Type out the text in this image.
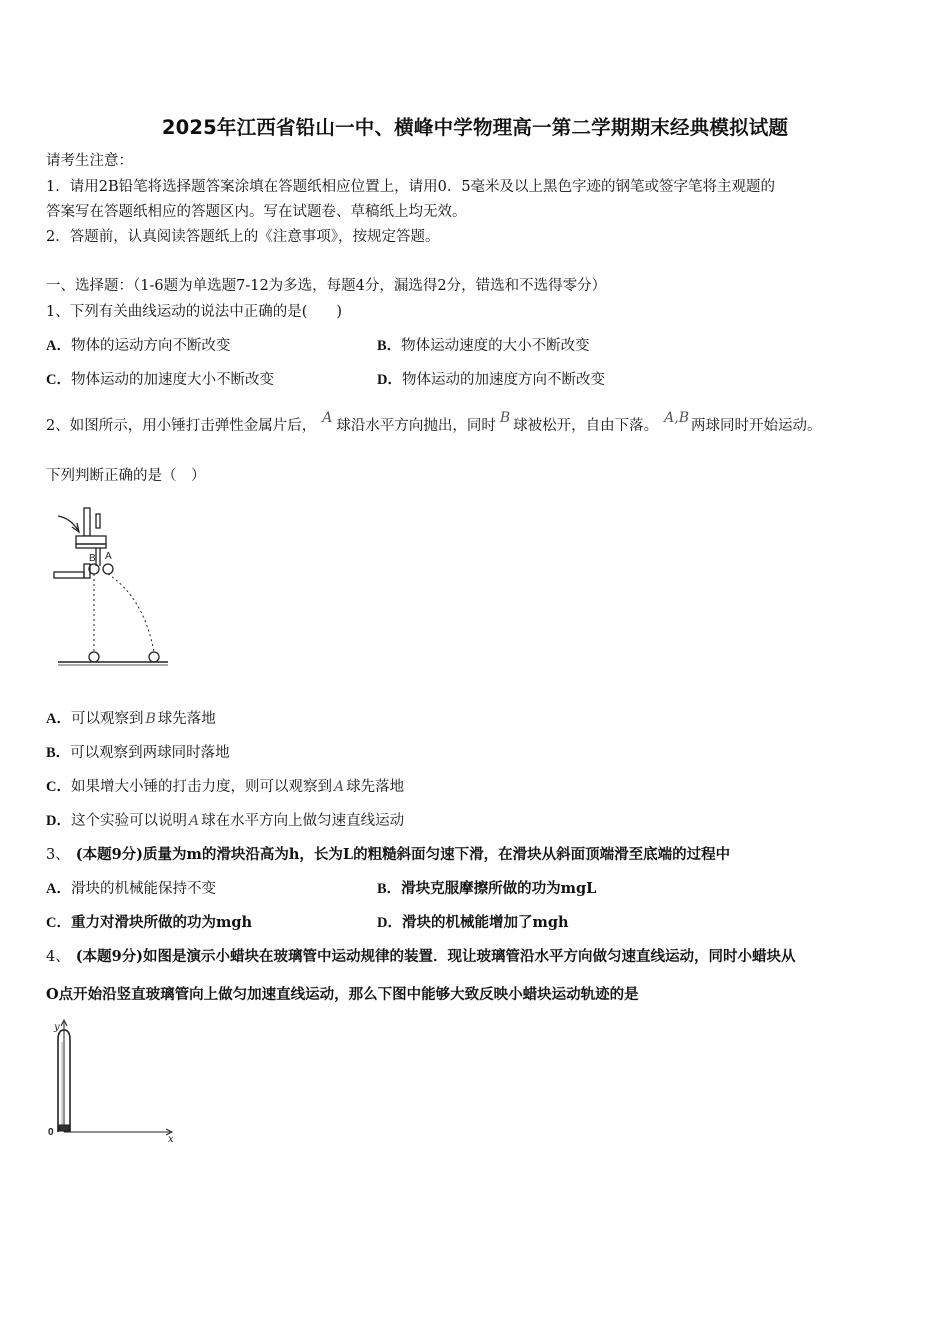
2025年江西省铅山一中、横峰中学物理高一第二学期期末经典模拟试题
请考生注意：
1．请用2B铅笔将选择题答案涂填在答题纸相应位置上，请用0．5毫米及以上黑色字迹的钢笔或签字笔将主观题的
答案写在答题纸相应的答题区内。写在试题卷、草稿纸上均无效。
2．答题前，认真阅读答题纸上的《注意事项》，按规定答题。
一、选择题：（1-6题为单选题7-12为多选，每题4分，漏选得2分，错选和不选得零分）
1、下列有关曲线运动的说法中正确的是(　　)
A．物体的运动方向不断改变	B．物体运动速度的大小不断改变
C．物体运动的加速度大小不断改变	D．物体运动的加速度方向不断改变
2、如图所示，用小锤打击弹性金属片后， A 球沿水平方向抛出，同时 B 球被松开，自由下落。 A,B 两球同时开始运动。
下列判断正确的是（　）
B A
A．可以观察到 B 球先落地
B．可以观察到两球同时落地
C．如果增大小锤的打击力度，则可以观察到 A 球先落地
D．这个实验可以说明 A 球在水平方向上做匀速直线运动
3、 (本题9分)质量为m的滑块沿高为h，长为L的粗糙斜面匀速下滑，在滑块从斜面顶端滑至底端的过程中
A．滑块的机械能保持不变	B．滑块克服摩擦所做的功为mgL
C．重力对滑块所做的功为mgh	D．滑块的机械能增加了mgh
4、 (本题9分)如图是演示小蜡块在玻璃管中运动规律的装置．现让玻璃管沿水平方向做匀速直线运动，同时小蜡块从
O点开始沿竖直玻璃管向上做匀加速直线运动，那么下图中能够大致反映小蜡块运动轨迹的是
y
x
0
